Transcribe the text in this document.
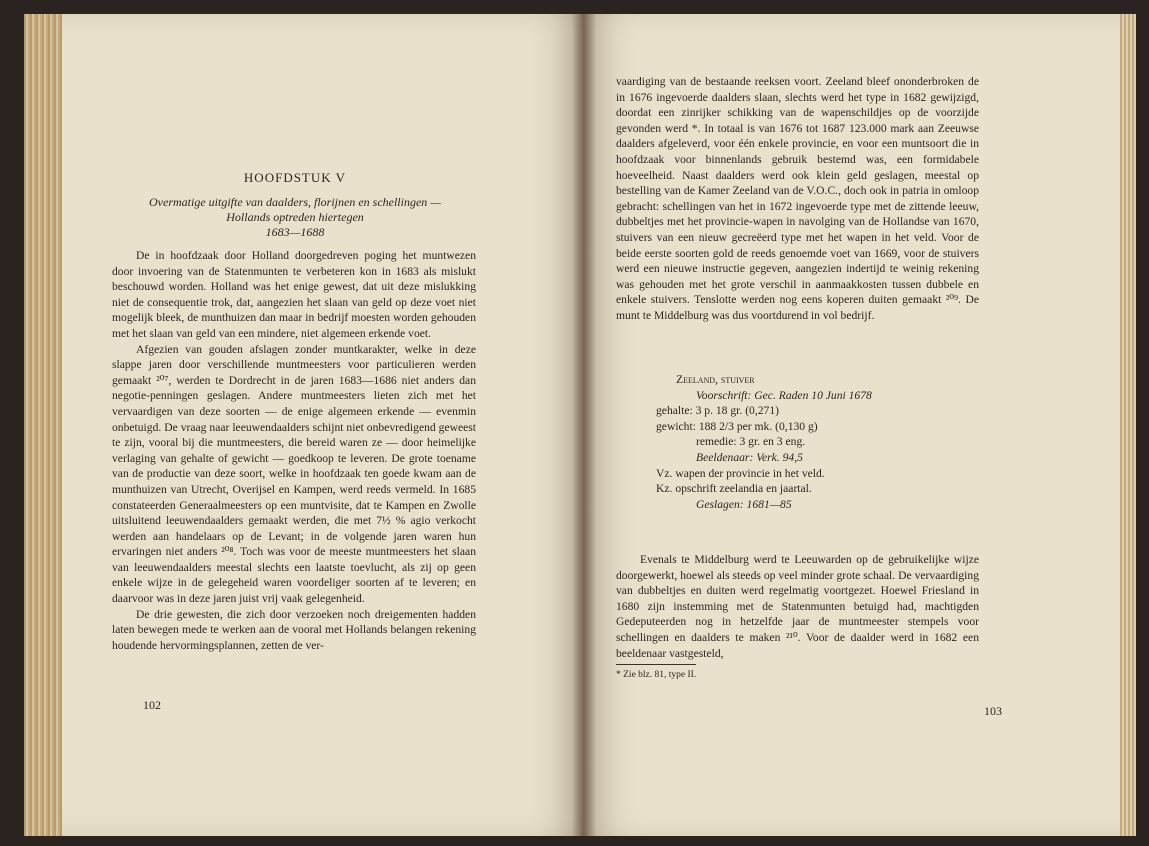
HOOFDSTUK V
Overmatige uitgifte van daalders, florijnen en schellingen —
Hollands optreden hiertegen
1683—1688

De in hoofdzaak door Holland doorgedreven poging het muntwezen door invoering van de Statenmunten te verbeteren kon in 1683 als mislukt beschouwd worden. Holland was het enige gewest, dat uit deze mislukking niet de consequentie trok, dat, aangezien het slaan van geld op deze voet niet mogelijk bleek, de munthuizen dan maar in bedrijf moesten worden gehouden met het slaan van geld van een mindere, niet algemeen erkende voet.

Afgezien van gouden afslagen zonder muntkarakter, welke in deze slappe jaren door verschillende muntmeesters voor particulieren werden gemaakt ²⁰⁷, werden te Dordrecht in de jaren 1683—1686 niet anders dan negotie-penningen geslagen. Andere muntmeesters lieten zich met het vervaardigen van deze soorten — de enige algemeen erkende — evenmin onbetuigd. De vraag naar leeuwendaalders schijnt niet onbevredigend geweest te zijn, vooral bij die muntmeesters, die bereid waren ze — door heimelijke verlaging van gehalte of gewicht — goedkoop te leveren. De grote toename van de productie van deze soort, welke in hoofdzaak ten goede kwam aan de munthuizen van Utrecht, Overijsel en Kampen, werd reeds vermeld. In 1685 constateerden Generaalmeesters op een muntvisite, dat te Kampen en Zwolle uitsluitend leeuwendaalders gemaakt werden, die met 7½ % agio verkocht werden aan handelaars op de Levant; in de volgende jaren waren hun ervaringen niet anders ²⁰⁸. Toch was voor de meeste muntmeesters het slaan van leeuwendaalders meestal slechts een laatste toevlucht, als zij op geen enkele wijze in de gelegeheid waren voordeliger soorten af te leveren; en daarvoor was in deze jaren juist vrij vaak gelegenheid.

De drie gewesten, die zich door verzoeken noch dreigementen hadden laten bewegen mede te werken aan de vooral met Hollands belangen rekening houdende hervormingsplannen, zetten de ver-

102

vaardiging van de bestaande reeksen voort. Zeeland bleef ononderbroken de in 1676 ingevoerde daalders slaan, slechts werd het type in 1682 gewijzigd, doordat een zinrijker schikking van de wapenschildjes op de voorzijde gevonden werd *. In totaal is van 1676 tot 1687 123.000 mark aan Zeeuwse daalders afgeleverd, voor één enkele provincie, en voor een muntsoort die in hoofdzaak voor binnenlands gebruik bestemd was, een formidabele hoeveelheid. Naast daalders werd ook klein geld geslagen, meestal op bestelling van de Kamer Zeeland van de V.O.C., doch ook in patria in omloop gebracht: schellingen van het in 1672 ingevoerde type met de zittende leeuw, dubbeltjes met het provincie-wapen in navolging van de Hollandse van 1670, stuivers van een nieuw gecreëerd type met het wapen in het veld. Voor de beide eerste soorten gold de reeds genoemde voet van 1669, voor de stuivers werd een nieuwe instructie gegeven, aangezien indertijd te weinig rekening was gehouden met het grote verschil in aanmaakkosten tussen dubbele en enkele stuivers. Tenslotte werden nog eens koperen duiten gemaakt ²⁰⁹. De munt te Middelburg was dus voortdurend in vol bedrijf.

Zeeland, stuiver
Voorschrift: Gec. Raden 10 Juni 1678
gehalte: 3 p. 18 gr. (0,271)
gewicht: 188 2/3 per mk. (0,130 g)
remedie: 3 gr. en 3 eng.
Beeldenaar: Verk. 94,5
Vz. wapen der provincie in het veld.
Kz. opschrift zeelandia en jaartal.
Geslagen: 1681—85

Evenals te Middelburg werd te Leeuwarden op de gebruikelijke wijze doorgewerkt, hoewel als steeds op veel minder grote schaal. De vervaardiging van dubbeltjes en duiten werd regelmatig voortgezet. Hoewel Friesland in 1680 zijn instemming met de Statenmunten betuigd had, machtigden Gedeputeerden nog in hetzelfde jaar de muntmeester stempels voor schellingen en daalders te maken ²¹⁰. Voor de daalder werd in 1682 een beeldenaar vastgesteld,

* Zie blz. 81, type II.
103
